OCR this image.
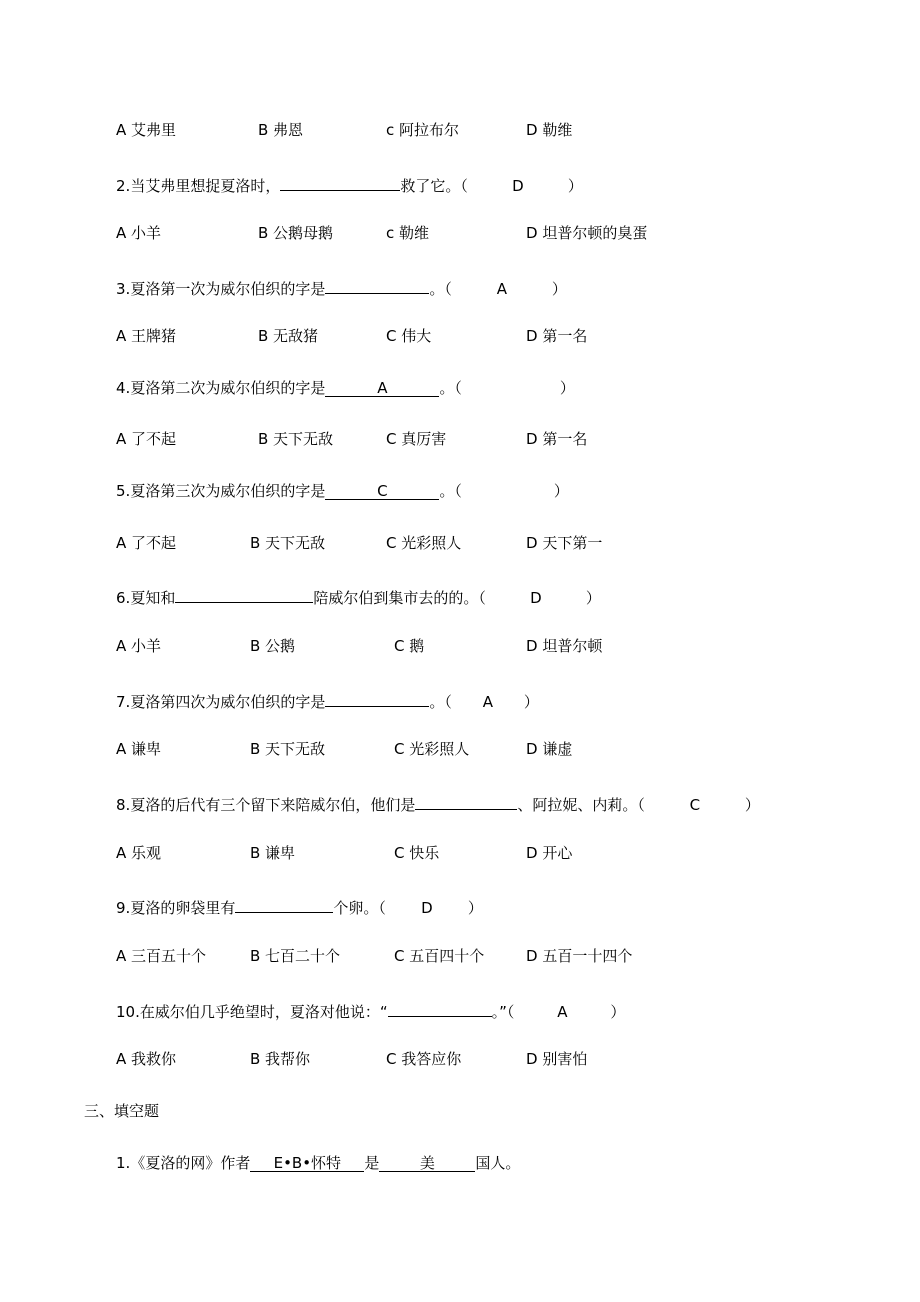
A 艾弗里	B 弗恩	c 阿拉布尔	D 勒维
2.当艾弗里想捉夏洛时，	救了它。（	D	）
A 小羊	B 公鹅母鹅	c 勒维	D 坦普尔顿的臭蛋
3.夏洛第一次为威尔伯织的字是	。（	A	）
A 王牌猪	B 无敌猪	C 伟大	D 第一名
4.夏洛第二次为威尔伯织的字是	A	。（	）
A 了不起	B 天下无敌	C 真厉害	D 第一名
5.夏洛第三次为威尔伯织的字是	C	。（	）
A 了不起	B 天下无敌	C 光彩照人	D 天下第一
6.夏知和	陪威尔伯到集市去的的。（	D	）
A 小羊	B 公鹅	C 鹅	D 坦普尔顿
7.夏洛第四次为威尔伯织的字是	。（ A ）
A 谦卑	B 天下无敌	C 光彩照人	D 谦虚
8.夏洛的后代有三个留下来陪威尔伯，他们是	、阿拉妮、内莉。（	C	）
A 乐观	B 谦卑	C 快乐	D 开心
9.夏洛的卵袋里有	个卵。（ D ）
A 三百五十个	B 七百二十个	C 五百四十个	D 五百一十四个
10.在威尔伯几乎绝望时，夏洛对他说：“	。”（	A	）
A 我救你	B 我帮你	C 我答应你	D 别害怕
三、填空题
1.《夏洛的网》作者 E•B•怀特 是	美	国人。
